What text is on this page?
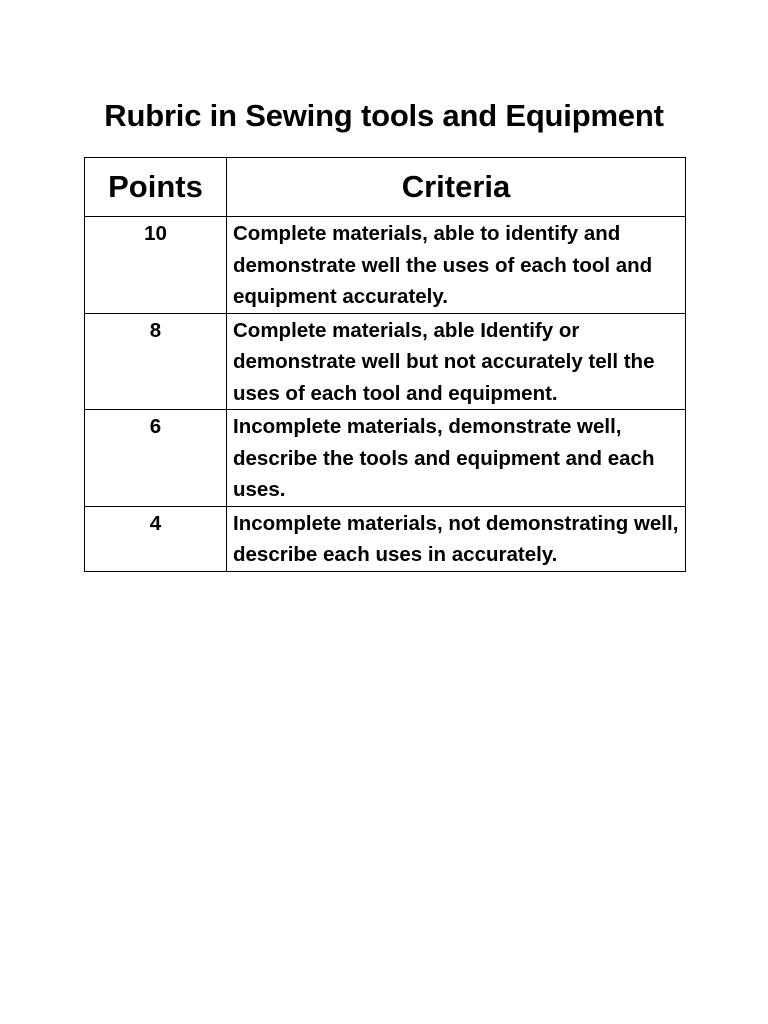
Rubric in Sewing tools and Equipment
Points	Criteria
10	Complete materials, able to identify and demonstrate well the uses of each tool and equipment accurately.
8	Complete materials, able Identify or demonstrate well but not accurately tell the uses of each tool and equipment.
6	Incomplete materials, demonstrate well, describe the tools and equipment and each uses.
4	Incomplete materials, not demonstrating well, describe each uses in accurately.
